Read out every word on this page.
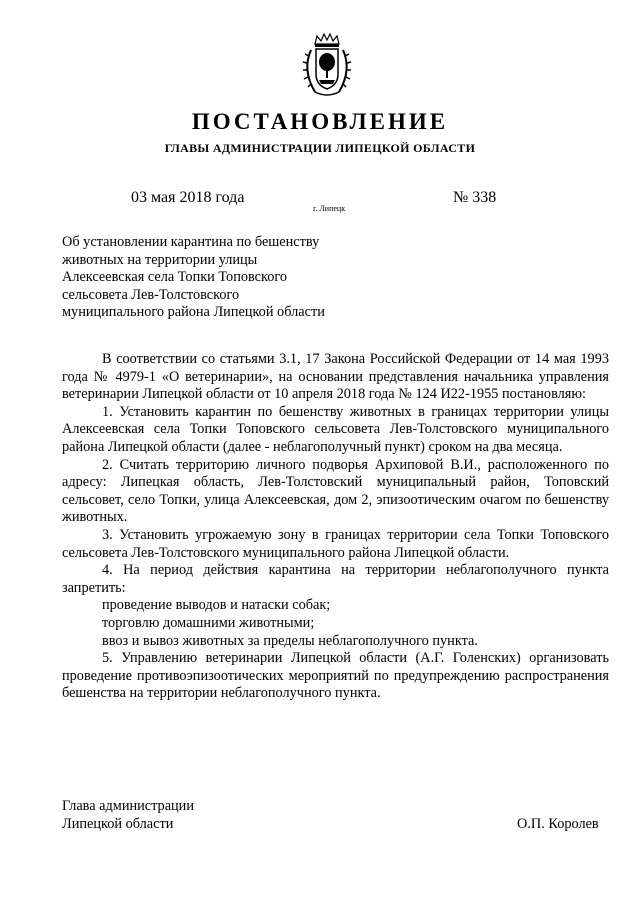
ПОСТАНОВЛЕНИЕ
ГЛАВЫ АДМИНИСТРАЦИИ ЛИПЕЦКОЙ ОБЛАСТИ
03 мая 2018 года
г. Липецк
№ 338
Об установлении карантина по бешенству
животных на территории улицы
Алексеевская села Топки Топовского
сельсовета Лев-Толстовского
муниципального района Липецкой области

В соответствии со статьями 3.1, 17 Закона Российской Федерации от 14 мая 1993 года № 4979-1 «О ветеринарии», на основании представления начальника управления ветеринарии Липецкой области от 10 апреля 2018 года № 124 И22-1955 постановляю:

1. Установить карантин по бешенству животных в границах территории улицы Алексеевская села Топки Топовского сельсовета Лев-Толстовского муниципального района Липецкой области (далее - неблагополучный пункт) сроком на два месяца.

2. Считать территорию личного подворья Архиповой В.И., расположенного по адресу: Липецкая область, Лев-Толстовский муниципальный район, Топовский сельсовет, село Топки, улица Алексеевская, дом 2, эпизоотическим очагом по бешенству животных.

3. Установить угрожаемую зону в границах территории села Топки Топовского сельсовета Лев-Толстовского муниципального района Липецкой области.

4. На период действия карантина на территории неблагополучного пункта запретить:

проведение выводов и натаски собак;

торговлю домашними животными;

ввоз и вывоз животных за пределы неблагополучного пункта.

5. Управлению ветеринарии Липецкой области (А.Г. Голенских) организовать проведение противоэпизоотических мероприятий по предупреждению распространения бешенства на территории неблагополучного пункта.

Глава администрации
Липецкой области	О.П. Королев
